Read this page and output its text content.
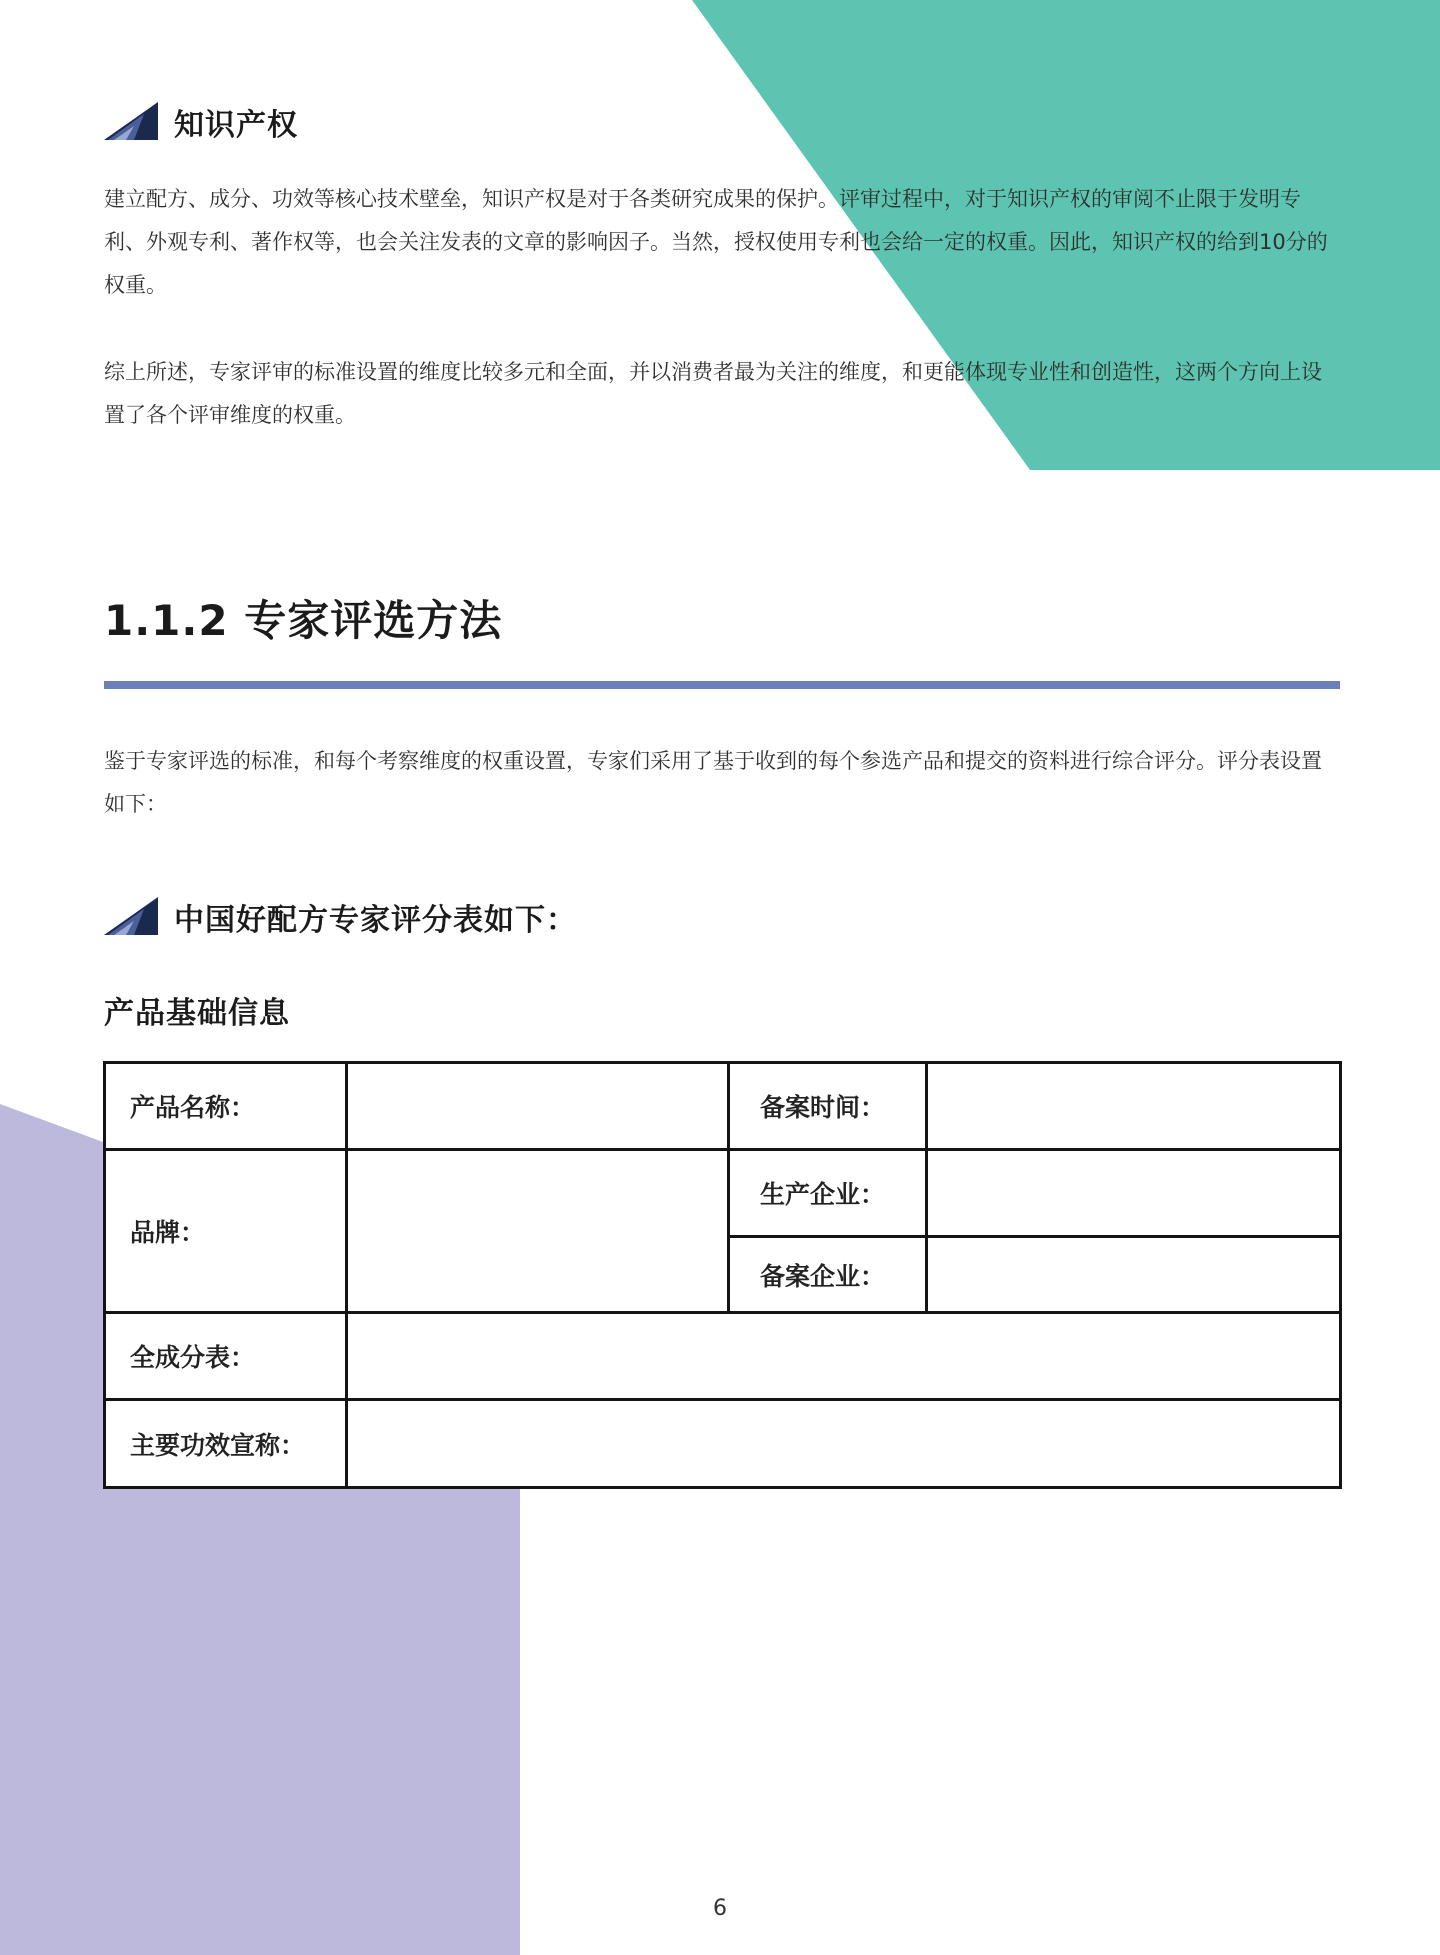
知识产权

建立配方、成分、功效等核心技术壁垒，知识产权是对于各类研究成果的保护。评审过程中，对于知识产权的审阅不止限于发明专利、外观专利、著作权等，也会关注发表的文章的影响因子。当然，授权使用专利也会给一定的权重。因此，知识产权的给到10分的权重。

综上所述，专家评审的标准设置的维度比较多元和全面，并以消费者最为关注的维度，和更能体现专业性和创造性，这两个方向上设置了各个评审维度的权重。

1.1.2 专家评选方法

鉴于专家评选的标准，和每个考察维度的权重设置，专家们采用了基于收到的每个参选产品和提交的资料进行综合评分。评分表设置如下：

中国好配方专家评分表如下：
产品基础信息
产品名称：		备案时间：	
品牌：		生产企业：	
		备案企业：	
全成分表：			
主要功效宣称：			
6
